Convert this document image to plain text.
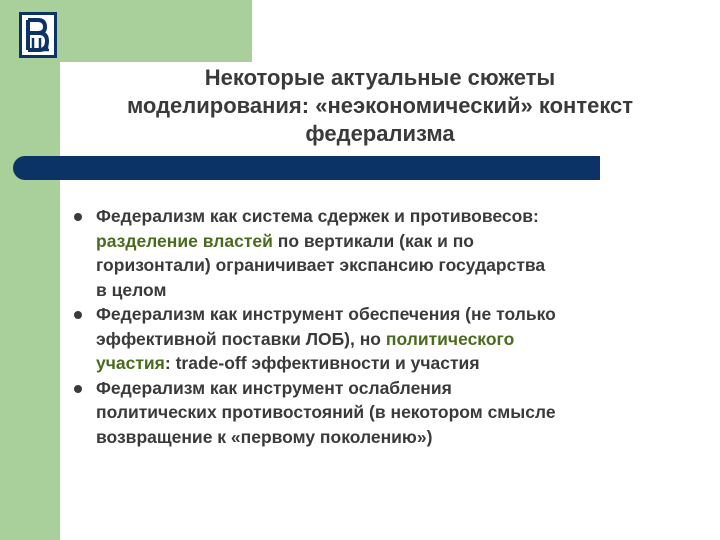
Некоторые актуальные сюжеты
моделирования: «неэкономический» контекст
федерализма
Федерализм как система сдержек и противовесов:
разделение властей по вертикали (как и по
горизонтали) ограничивает экспансию государства
в целом
Федерализм как инструмент обеспечения (не только
эффективной поставки ЛОБ), но политического
участия: trade-off эффективности и участия
Федерализм как инструмент ослабления
политических противостояний (в некотором смысле
возвращение к «первому поколению»)
